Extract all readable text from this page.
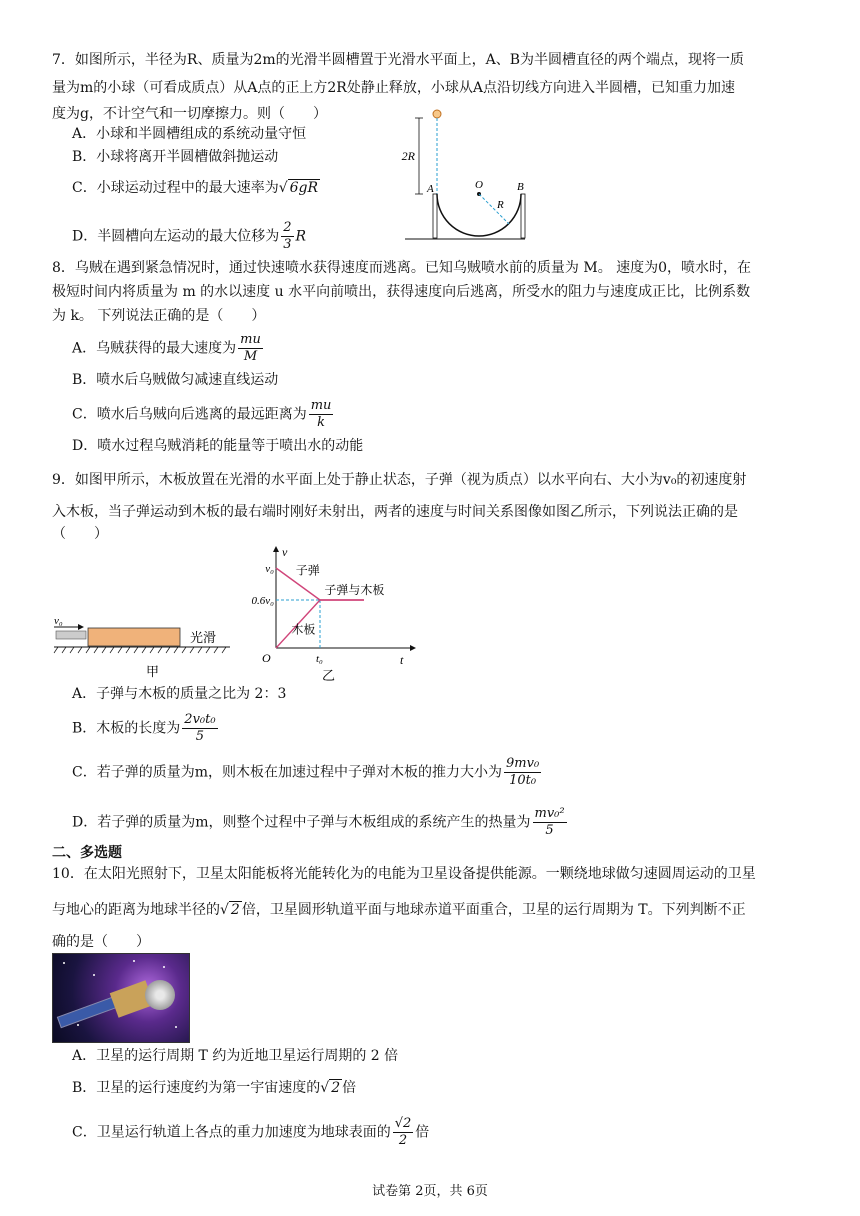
7．如图所示，半径为R、质量为2m的光滑半圆槽置于光滑水平面上，A、B为半圆槽直径的两个端点，现将一质
量为m的小球（可看成质点）从A点的正上方2R处静止释放，小球从A点沿切线方向进入半圆槽，已知重力加速
度为g，不计空气和一切摩擦力。则（　　）
A．小球和半圆槽组成的系统动量守恒
B．小球将离开半圆槽做斜抛运动
C．小球运动过程中的最大速率为√ 6gR
D．半圆槽向左运动的最大位移为 $\frac{2}{3}$ R
2R
A	O	B
R
8．乌贼在遇到紧急情况时，通过快速喷水获得速度而逃离。已知乌贼喷水前的质量为 M。 速度为0，喷水时，在
极短时间内将质量为 m 的水以速度 u 水平向前喷出，获得速度向后逃离，所受水的阻力与速度成正比，比例系数
为 k。 下列说法正确的是（　　）
A．乌贼获得的最大速度为 $\frac{mu}{M}$
B．喷水后乌贼做匀减速直线运动
C．喷水后乌贼向后逃离的最远距离为 $\frac{mu}{k}$
D．喷水过程乌贼消耗的能量等于喷出水的动能
9．如图甲所示，木板放置在光滑的水平面上处于静止状态，子弹（视为质点）以水平向右、大小为v₀的初速度射
入木板，当子弹运动到木板的最右端时刚好未射出，两者的速度与时间关系图像如图乙所示，下列说法正确的是
（　　）
v₀
光滑
甲
v
t
O	t₀
v₀
0.6v₀
子弹
木板
子弹与木板
乙
A．子弹与木板的质量之比为 2：3
B．木板的长度为 $\frac{\text{2v₀t₀}}{5}$
C．若子弹的质量为m，则木板在加速过程中子弹对木板的推力大小为 $\frac{\text{9mv₀}}{\text{10t₀}}$
D．若子弹的质量为m，则整个过程中子弹与木板组成的系统产生的热量为 $\frac{\text{mv₀²}}{5}$
二、多选题
10．在太阳光照射下，卫星太阳能板将光能转化为的电能为卫星设备提供能源。一颗绕地球做匀速圆周运动的卫星
与地心的距离为地球半径的√ 2 倍，卫星圆形轨道平面与地球赤道平面重合，卫星的运行周期为 T。下列判断不正
确的是（　　）
A．卫星的运行周期 T 约为近地卫星运行周期的 2 倍
B．卫星的运行速度约为第一宇宙速度的√ 2 倍
C．卫星运行轨道上各点的重力加速度为地球表面的 $\frac{√2}{2}$ 倍
试卷第 2页，共 6页
